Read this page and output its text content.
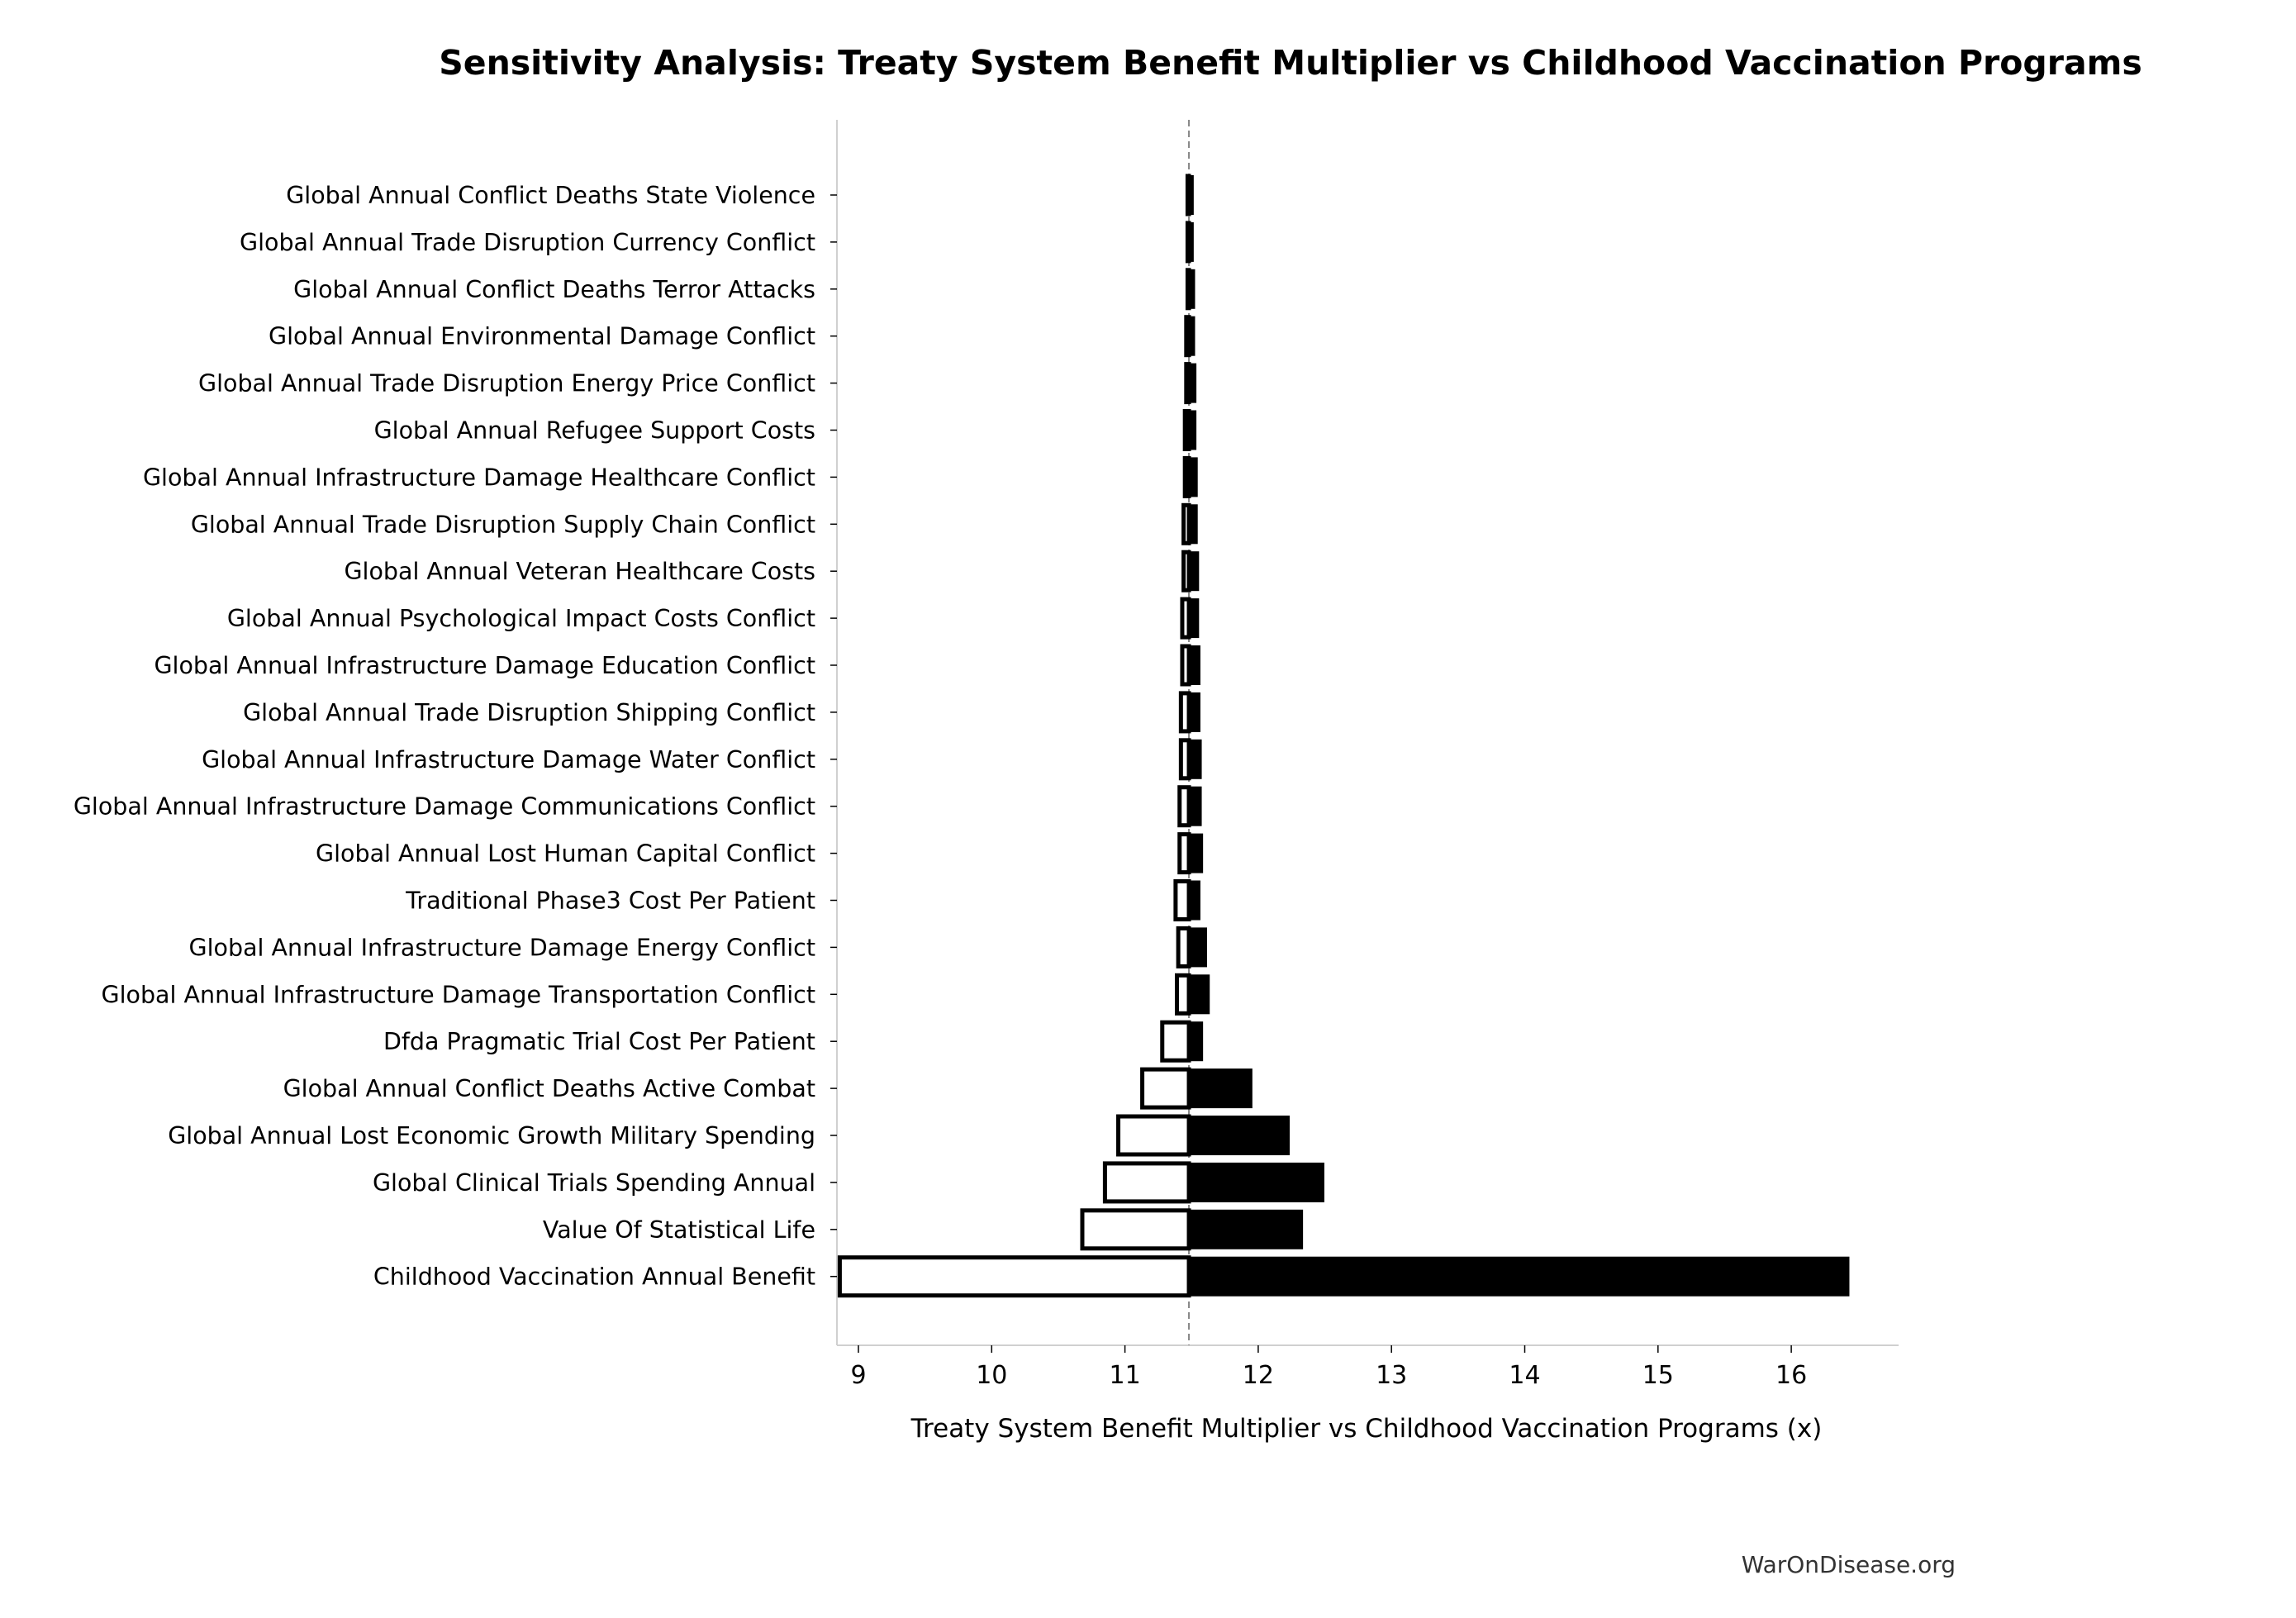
Sensitivity Analysis: Treaty System Benefit Multiplier vs Childhood Vaccination Programs
Global Annual Conflict Deaths State Violence
Global Annual Trade Disruption Currency Conflict
Global Annual Conflict Deaths Terror Attacks
Global Annual Environmental Damage Conflict
Global Annual Trade Disruption Energy Price Conflict
Global Annual Refugee Support Costs
Global Annual Infrastructure Damage Healthcare Conflict
Global Annual Trade Disruption Supply Chain Conflict
Global Annual Veteran Healthcare Costs
Global Annual Psychological Impact Costs Conflict
Global Annual Infrastructure Damage Education Conflict
Global Annual Trade Disruption Shipping Conflict
Global Annual Infrastructure Damage Water Conflict
Global Annual Infrastructure Damage Communications Conflict
Global Annual Lost Human Capital Conflict
Traditional Phase3 Cost Per Patient
Global Annual Infrastructure Damage Energy Conflict
Global Annual Infrastructure Damage Transportation Conflict
Dfda Pragmatic Trial Cost Per Patient
Global Annual Conflict Deaths Active Combat
Global Annual Lost Economic Growth Military Spending
Global Clinical Trials Spending Annual
Value Of Statistical Life
Childhood Vaccination Annual Benefit
9	10	11	12	13	14	15	16
Treaty System Benefit Multiplier vs Childhood Vaccination Programs (x)
WarOnDisease.org
